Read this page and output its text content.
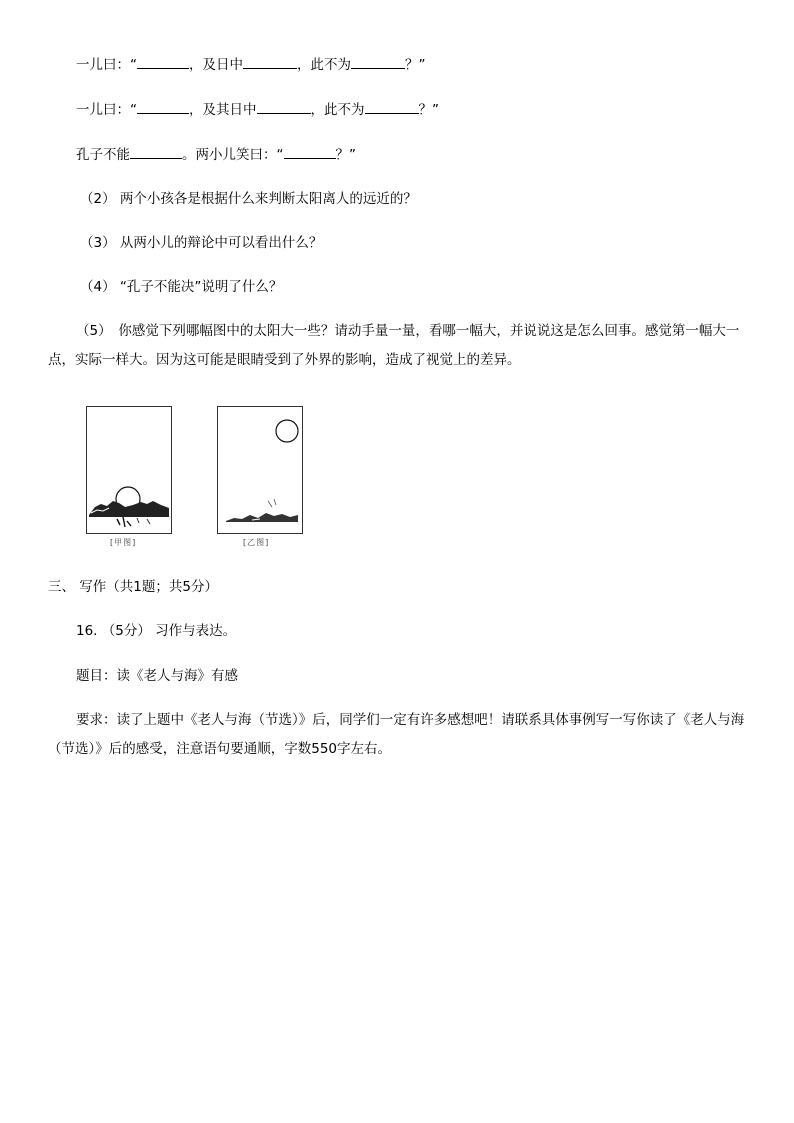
一儿曰：“	，及日中	，此不为	？”
一儿曰：“	，及其日中	，此不为	？”
孔子不能	。两小儿笑曰：“	？”
（2） 两个小孩各是根据什么来判断太阳离人的远近的？
（3） 从两小儿的辩论中可以看出什么？
（4） “孔子不能决”说明了什么？
（5）　你感觉下列哪幅图中的太阳大一些？请动手量一量，看哪一幅大，并说说这是怎么回事。感觉第一幅大一点，实际一样大。因为这可能是眼睛受到了外界的影响，造成了视觉上的差异。
[甲图]	[乙图]
三、 写作（共1题；共5分）
16. （5分） 习作与表达。
题目：读《老人与海》有感
要求：读了上题中《老人与海（节选）》后，同学们一定有许多感想吧！请联系具体事例写一写你读了《老人与海（节选）》后的感受，注意语句要通顺，字数550字左右。
